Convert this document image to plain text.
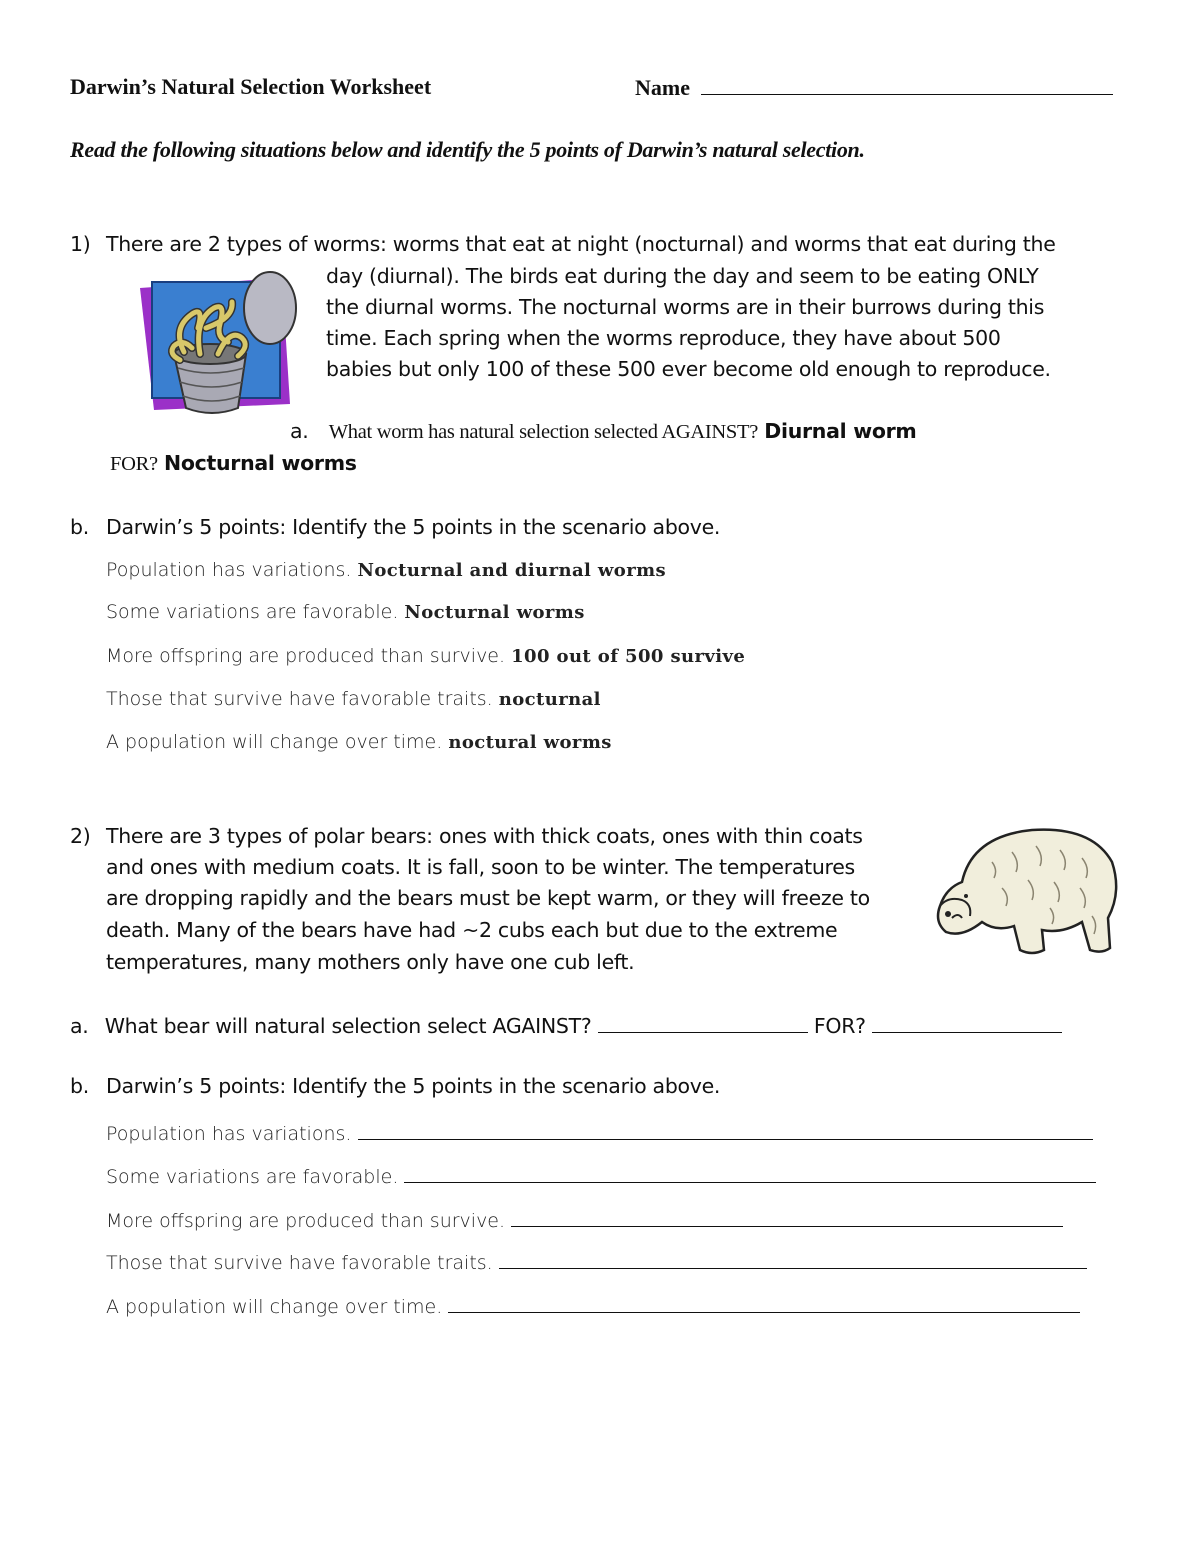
Darwin’s Natural Selection Worksheet	Name
Read the following situations below and identify the 5 points of Darwin’s natural selection.
1) There are 2 types of worms: worms that eat at night (nocturnal) and worms that eat during the
day (diurnal). The birds eat during the day and seem to be eating ONLY
the diurnal worms. The nocturnal worms are in their burrows during this
time. Each spring when the worms reproduce, they have about 500
babies but only 100 of these 500 ever become old enough to reproduce.
a. What worm has natural selection selected AGAINST? Diurnal worm
FOR? Nocturnal worms
b. Darwin’s 5 points: Identify the 5 points in the scenario above.
Population has variations. Nocturnal and diurnal worms
Some variations are favorable. Nocturnal worms
More offspring are produced than survive. 100 out of 500 survive
Those that survive have favorable traits. nocturnal
A population will change over time. noctural worms
2) There are 3 types of polar bears: ones with thick coats, ones with thin coats
and ones with medium coats. It is fall, soon to be winter. The temperatures
are dropping rapidly and the bears must be kept warm, or they will freeze to
death. Many of the bears have had ~2 cubs each but due to the extreme
temperatures, many mothers only have one cub left.
a. What bear will natural selection select AGAINST?	FOR?
b. Darwin’s 5 points: Identify the 5 points in the scenario above.
Population has variations.
Some variations are favorable.
More offspring are produced than survive.
Those that survive have favorable traits.
A population will change over time.
